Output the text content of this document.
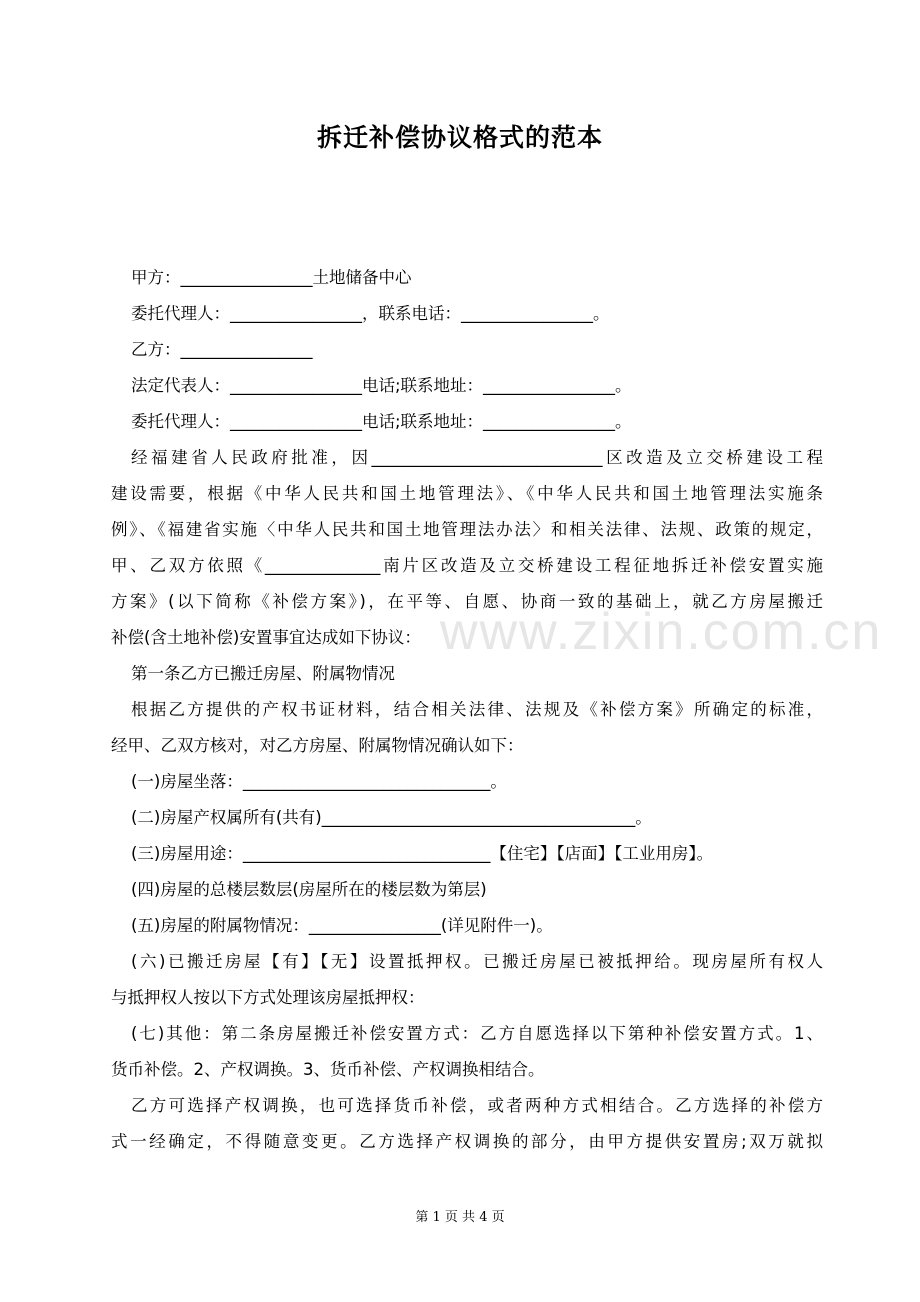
www.zixin.com.cn
拆迁补偿协议格式的范本
甲方：________________土地储备中心
委托代理人：________________，联系电话：________________。
乙方：________________
法定代表人：________________电话;联系地址：________________。
委托代理人：________________电话;联系地址：________________。
经福建省人民政府批准，因____________________________区改造及立交桥建设工程
建设需要，根据《中华人民共和国土地管理法》、《中华人民共和国土地管理法实施条
例》、《福建省实施〈中华人民共和国土地管理法办法〉和相关法律、法规、政策的规定，
甲、乙双方依照《______________南片区改造及立交桥建设工程征地拆迁补偿安置实施
方案》(以下简称《补偿方案》)，在平等、自愿、协商一致的基础上，就乙方房屋搬迁
补偿(含土地补偿)安置事宜达成如下协议：
第一条乙方已搬迁房屋、附属物情况
根据乙方提供的产权书证材料，结合相关法律、法规及《补偿方案》所确定的标准，
经甲、乙双方核对，对乙方房屋、附属物情况确认如下：
(一)房屋坐落：______________________________。
(二)房屋产权属所有(共有)______________________________________。
(三)房屋用途：______________________________【住宅】【店面】【工业用房】。
(四)房屋的总楼层数层(房屋所在的楼层数为第层)
(五)房屋的附属物情况：________________(详见附件一)。
(六)已搬迁房屋【有】【无】设置抵押权。已搬迁房屋已被抵押给。现房屋所有权人
与抵押权人按以下方式处理该房屋抵押权：
(七)其他：第二条房屋搬迁补偿安置方式：乙方自愿选择以下第种补偿安置方式。1、
货币补偿。2、产权调换。3、货币补偿、产权调换相结合。
乙方可选择产权调换，也可选择货币补偿，或者两种方式相结合。乙方选择的补偿方
式一经确定，不得随意变更。乙方选择产权调换的部分，由甲方提供安置房;双万就拟
第 1 页 共 4 页
